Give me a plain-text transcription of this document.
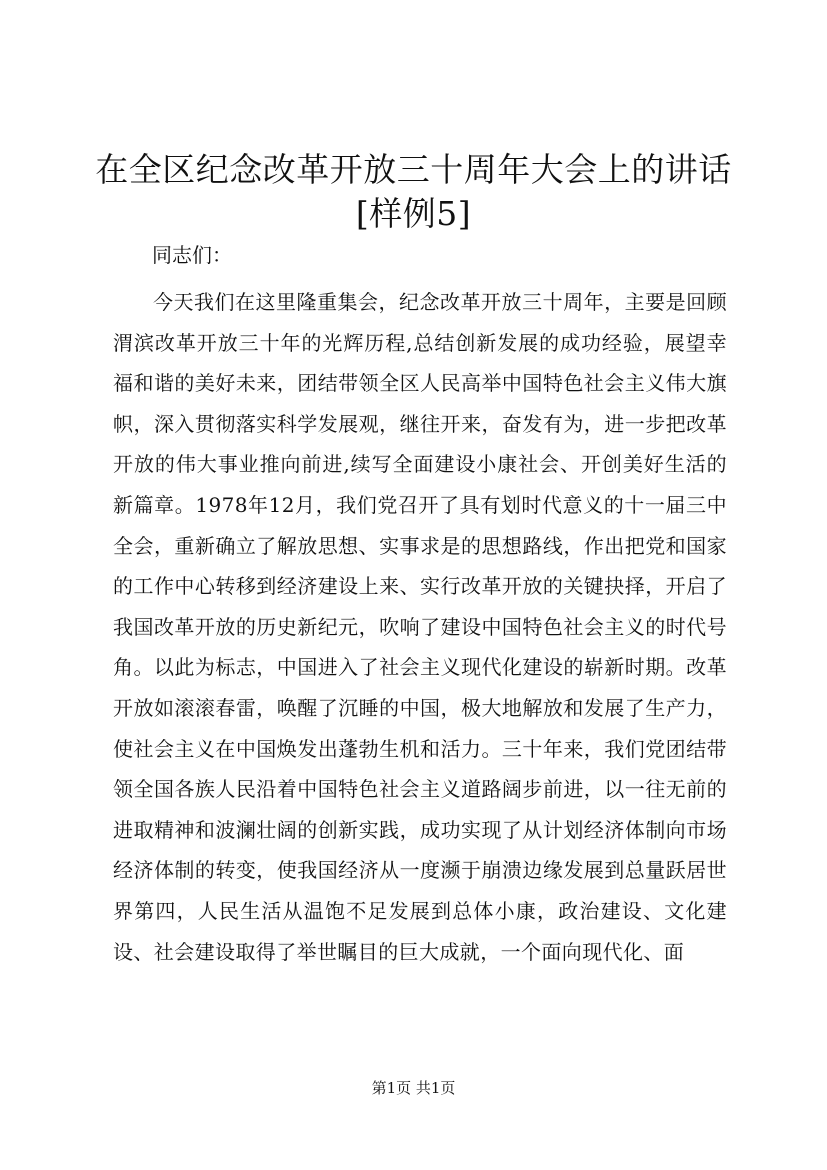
在全区纪念改革开放三十周年大会上的讲话
[样例5]
同志们：
今天我们在这里隆重集会，纪念改革开放三十周年，主要是回顾渭滨改革开放三十年的光辉历程,总结创新发展的成功经验，展望幸福和谐的美好未来，团结带领全区人民高举中国特色社会主义伟大旗帜，深入贯彻落实科学发展观，继往开来，奋发有为，进一步把改革开放的伟大事业推向前进,续写全面建设小康社会、开创美好生活的新篇章。1978年12月，我们党召开了具有划时代意义的十一届三中全会，重新确立了解放思想、实事求是的思想路线，作出把党和国家的工作中心转移到经济建设上来、实行改革开放的关键抉择，开启了我国改革开放的历史新纪元，吹响了建设中国特色社会主义的时代号角。以此为标志，中国进入了社会主义现代化建设的崭新时期。改革开放如滚滚春雷，唤醒了沉睡的中国，极大地解放和发展了生产力，使社会主义在中国焕发出蓬勃生机和活力。三十年来，我们党团结带领全国各族人民沿着中国特色社会主义道路阔步前进，以一往无前的进取精神和波澜壮阔的创新实践，成功实现了从计划经济体制向市场经济体制的转变，使我国经济从一度濒于崩溃边缘发展到总量跃居世界第四，人民生活从温饱不足发展到总体小康，政治建设、文化建设、社会建设取得了举世瞩目的巨大成就，一个面向现代化、面
第1页 共1页
